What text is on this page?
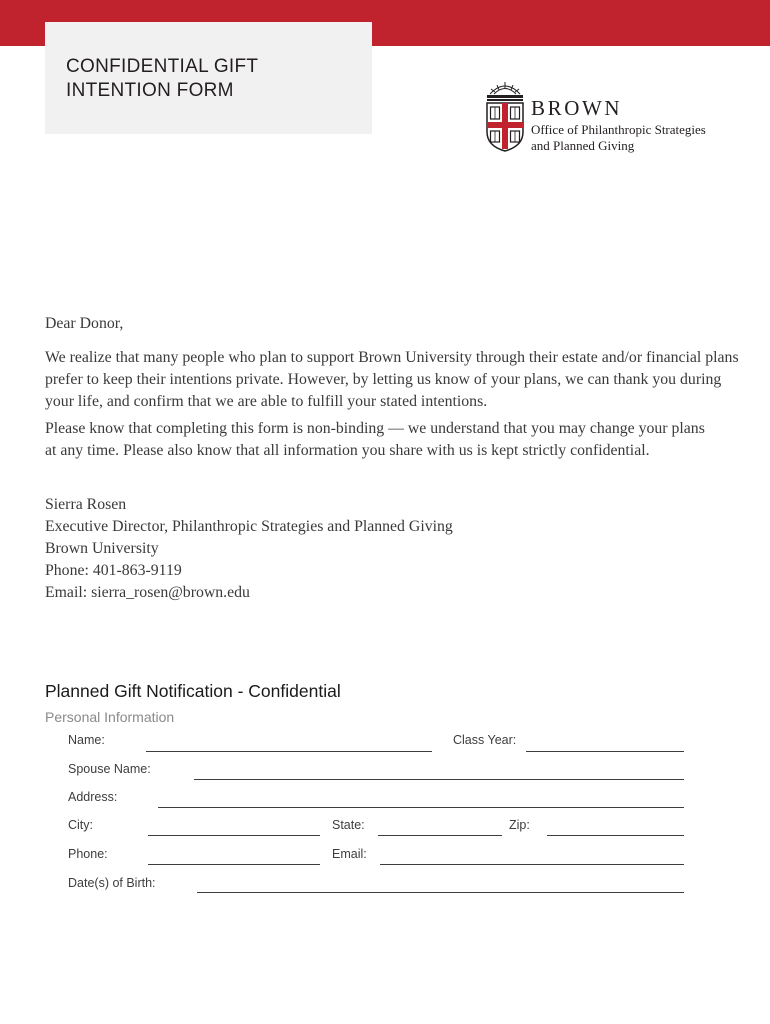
CONFIDENTIAL GIFT
INTENTION FORM
BROWN
Office of Philanthropic Strategies
and Planned Giving

Dear Donor,

We realize that many people who plan to support Brown University through their estate and/or financial plans prefer to keep their intentions private. However, by letting us know of your plans, we can thank you during your life, and confirm that we are able to fulfill your stated intentions.

Please know that completing this form is non-binding — we understand that you may change your plans at any time. Please also know that all information you share with us is kept strictly confidential.

Sierra Rosen
Executive Director, Philanthropic Strategies and Planned Giving
Brown University
Phone: 401-863-9119
Email: sierra_rosen@brown.edu
Planned Gift Notification - Confidential
Personal Information
Name:	Class Year:
Spouse Name:
Address:
City:	State:	Zip:
Phone:	Email:
Date(s) of Birth:
